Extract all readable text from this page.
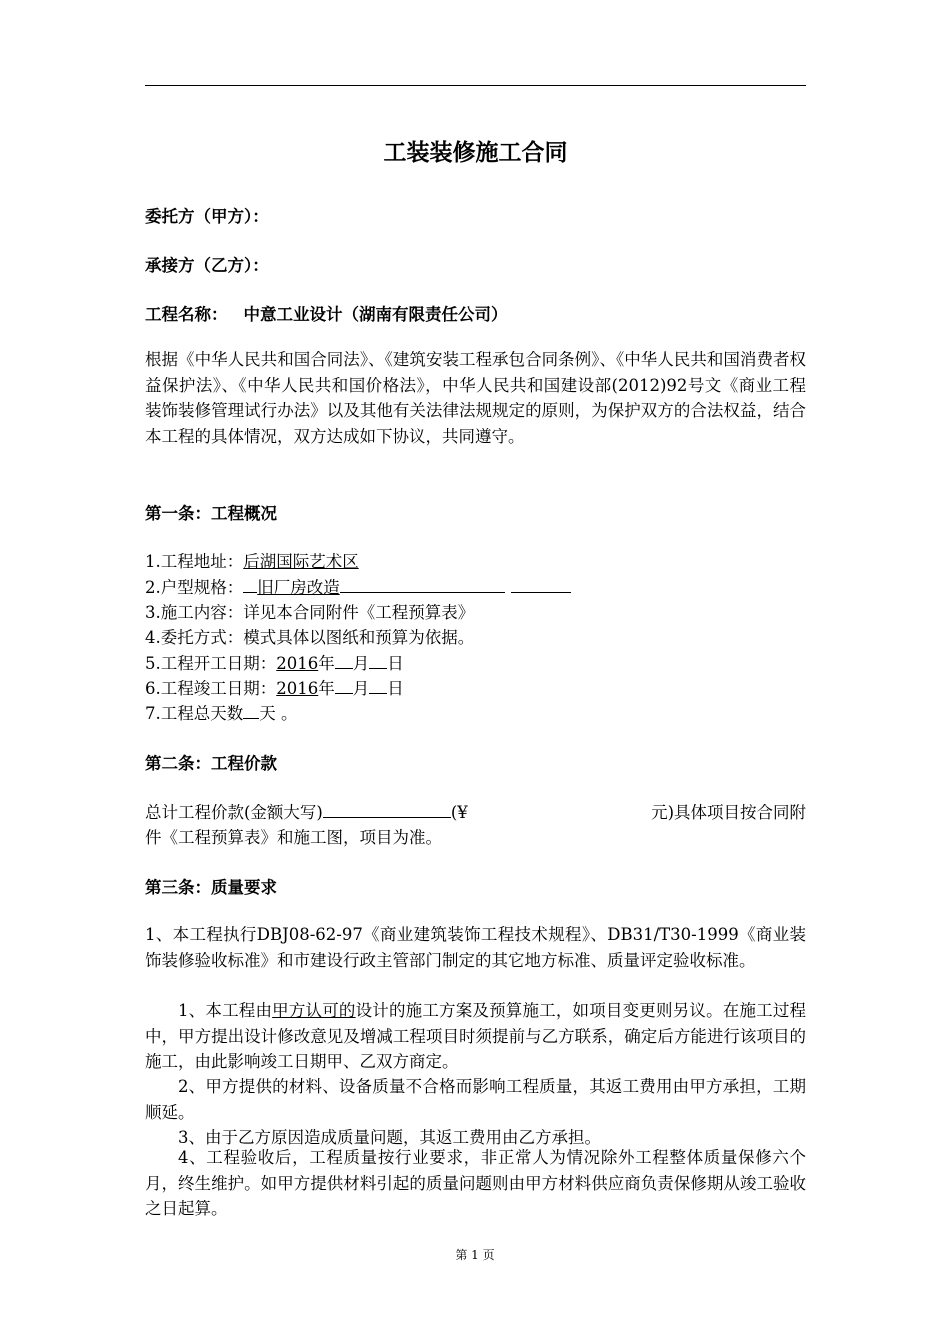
工装装修施工合同
委托方（甲方）：
承接方（乙方）：
工程名称： 中意工业设计（湖南有限责任公司）
根据《中华人民共和国合同法》、《建筑安装工程承包合同条例》、《中华人民共和国消费者权益保护法》、《中华人民共和国价格法》，中华人民共和国建设部(2012)92号文《商业工程装饰装修管理试行办法》以及其他有关法律法规规定的原则，为保护双方的合法权益，结合本工程的具体情况，双方达成如下协议，共同遵守。
第一条：工程概况
1.工程地址：后湖国际艺术区
2.户型规格： 旧厂房改造
3.施工内容：详见本合同附件《工程预算表》
4.委托方式：模式具体以图纸和预算为依据。
5.工程开工日期：2016年 月 日
6.工程竣工日期：2016年 月 日
7.工程总天数 天 。
第二条：工程价款
总计工程价款(金额大写)	(¥	元)具体项目按合同附
件《工程预算表》和施工图，项目为准。
第三条：质量要求
1、本工程执行DBJ08-62-97《商业建筑装饰工程技术规程》、DB31/T30-1999《商业装饰装修验收标准》和市建设行政主管部门制定的其它地方标准、质量评定验收标准。
1、本工程由甲方认可的设计的施工方案及预算施工，如项目变更则另议。在施工过程中，甲方提出设计修改意见及增减工程项目时须提前与乙方联系，确定后方能进行该项目的施工，由此影响竣工日期甲、乙双方商定。
2、甲方提供的材料、设备质量不合格而影响工程质量，其返工费用由甲方承担，工期顺延。
3、由于乙方原因造成质量问题，其返工费用由乙方承担。
4、工程验收后，工程质量按行业要求，非正常人为情况除外工程整体质量保修六个月，终生维护。如甲方提供材料引起的质量问题则由甲方材料供应商负责保修期从竣工验收之日起算。
第 1 页
